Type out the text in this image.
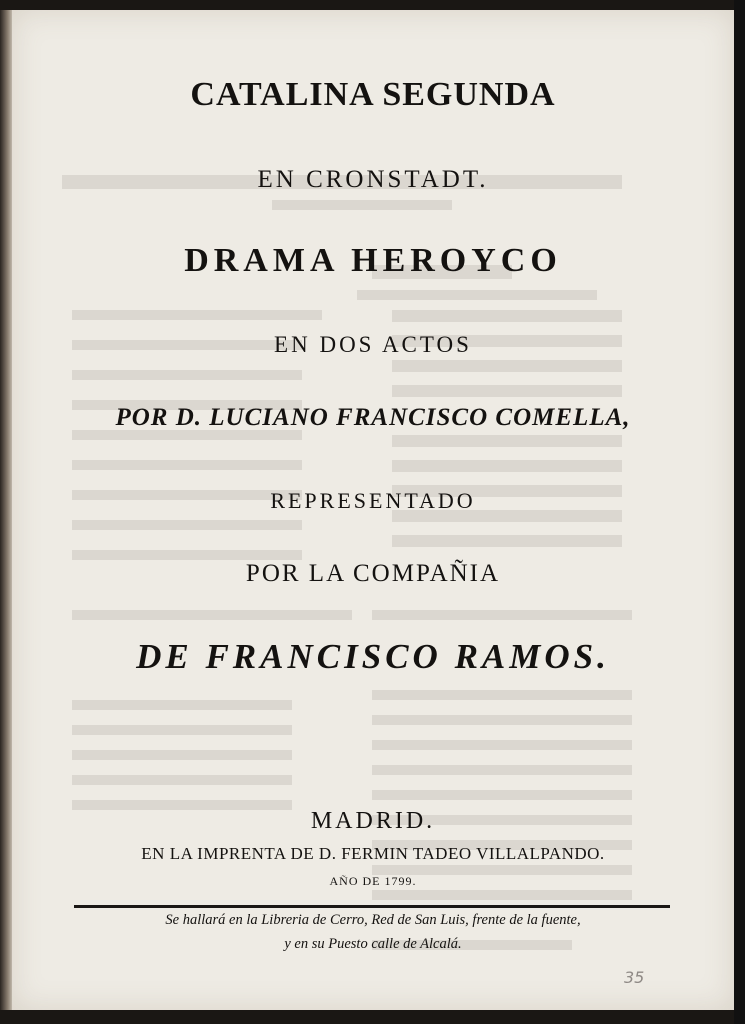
CATALINA SEGUNDA
EN CRONSTADT.
DRAMA HEROYCO
EN DOS ACTOS
POR D. LUCIANO FRANCISCO COMELLA,
REPRESENTADO
POR LA COMPAÑIA
DE FRANCISCO RAMOS.
MADRID.
EN LA IMPRENTA DE D. FERMIN TADEO VILLALPANDO.
AÑO DE 1799.
Se hallará en la Libreria de Cerro, Red de San Luis, frente de la fuente,
y en su Puesto calle de Alcalá.
35
